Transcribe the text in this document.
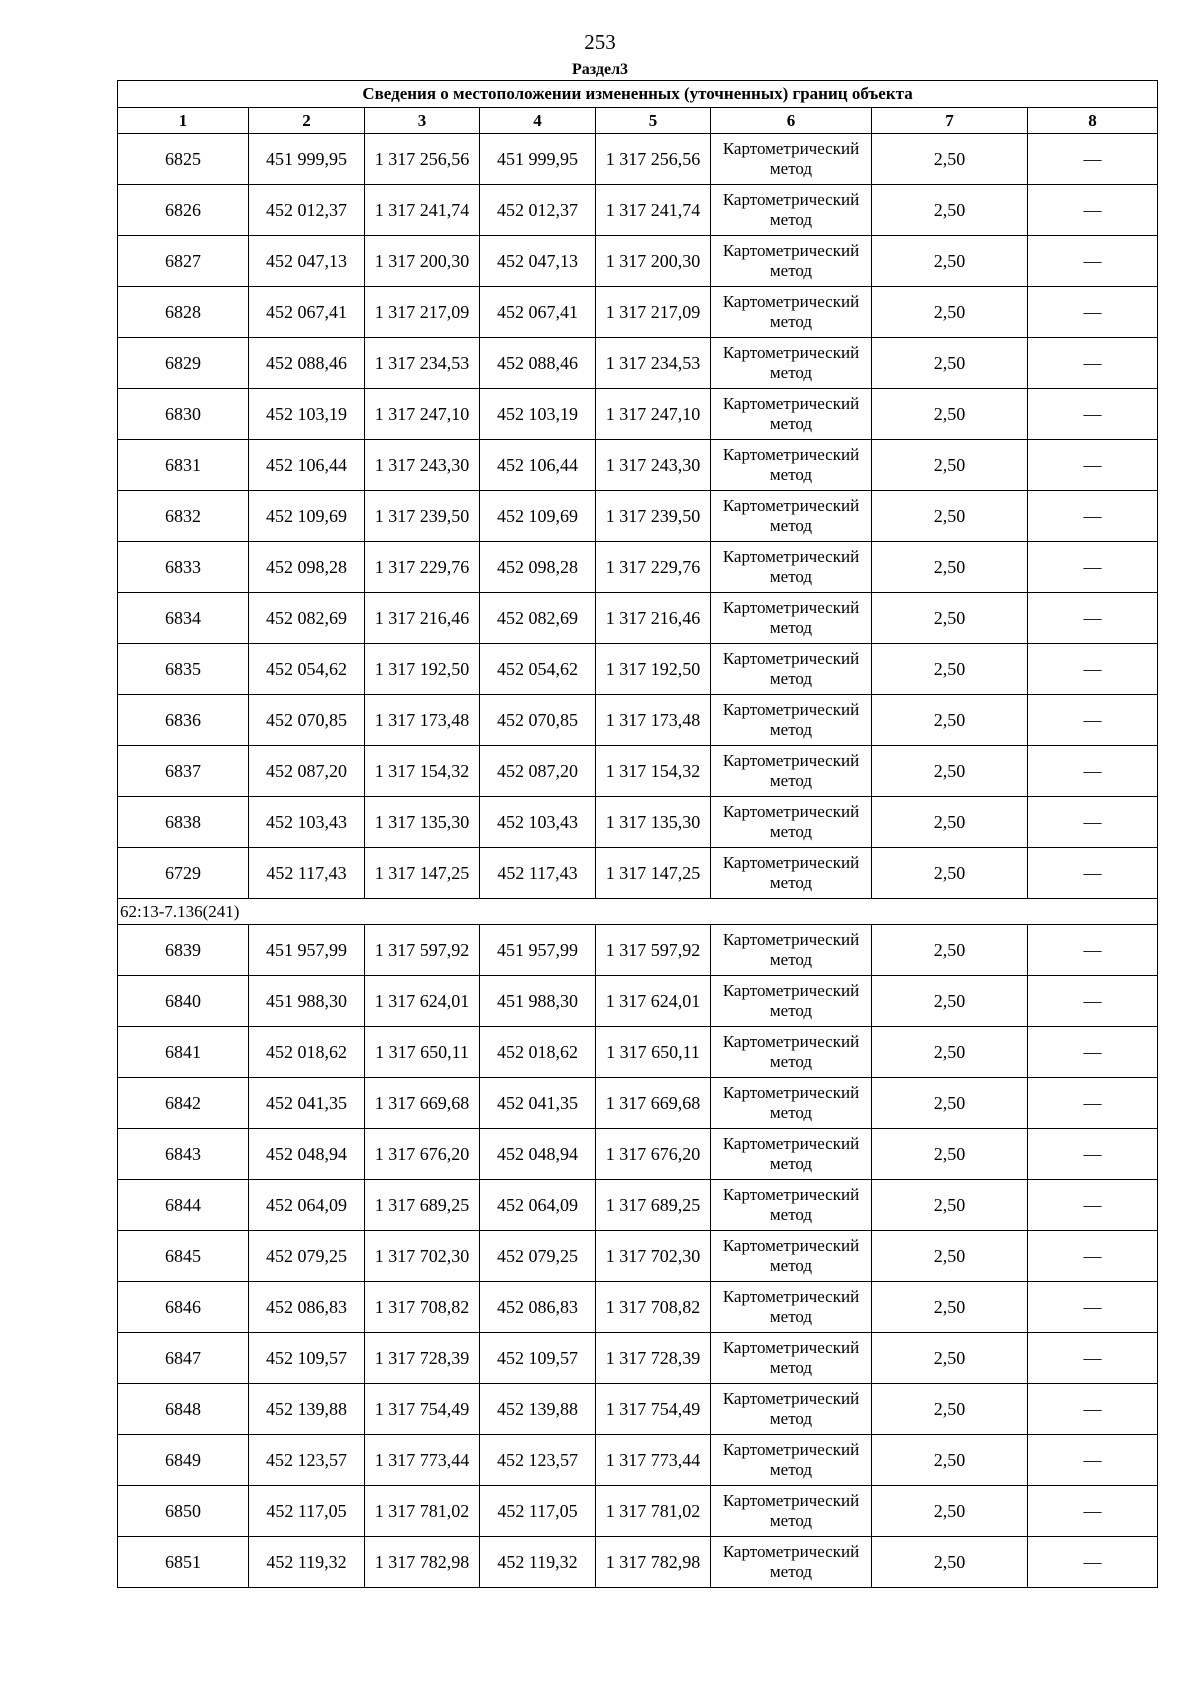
253
Раздел3
Сведения о местоположении измененных (уточненных) границ объекта							
1	2	3	4	5	6	7	8
6825	451 999,95	1 317 256,56	451 999,95	1 317 256,56	Картометрический метод	2,50	—
6826	452 012,37	1 317 241,74	452 012,37	1 317 241,74	Картометрический метод	2,50	—
6827	452 047,13	1 317 200,30	452 047,13	1 317 200,30	Картометрический метод	2,50	—
6828	452 067,41	1 317 217,09	452 067,41	1 317 217,09	Картометрический метод	2,50	—
6829	452 088,46	1 317 234,53	452 088,46	1 317 234,53	Картометрический метод	2,50	—
6830	452 103,19	1 317 247,10	452 103,19	1 317 247,10	Картометрический метод	2,50	—
6831	452 106,44	1 317 243,30	452 106,44	1 317 243,30	Картометрический метод	2,50	—
6832	452 109,69	1 317 239,50	452 109,69	1 317 239,50	Картометрический метод	2,50	—
6833	452 098,28	1 317 229,76	452 098,28	1 317 229,76	Картометрический метод	2,50	—
6834	452 082,69	1 317 216,46	452 082,69	1 317 216,46	Картометрический метод	2,50	—
6835	452 054,62	1 317 192,50	452 054,62	1 317 192,50	Картометрический метод	2,50	—
6836	452 070,85	1 317 173,48	452 070,85	1 317 173,48	Картометрический метод	2,50	—
6837	452 087,20	1 317 154,32	452 087,20	1 317 154,32	Картометрический метод	2,50	—
6838	452 103,43	1 317 135,30	452 103,43	1 317 135,30	Картометрический метод	2,50	—
6729	452 117,43	1 317 147,25	452 117,43	1 317 147,25	Картометрический метод	2,50	—
62:13-7.136(241)							
6839	451 957,99	1 317 597,92	451 957,99	1 317 597,92	Картометрический метод	2,50	—
6840	451 988,30	1 317 624,01	451 988,30	1 317 624,01	Картометрический метод	2,50	—
6841	452 018,62	1 317 650,11	452 018,62	1 317 650,11	Картометрический метод	2,50	—
6842	452 041,35	1 317 669,68	452 041,35	1 317 669,68	Картометрический метод	2,50	—
6843	452 048,94	1 317 676,20	452 048,94	1 317 676,20	Картометрический метод	2,50	—
6844	452 064,09	1 317 689,25	452 064,09	1 317 689,25	Картометрический метод	2,50	—
6845	452 079,25	1 317 702,30	452 079,25	1 317 702,30	Картометрический метод	2,50	—
6846	452 086,83	1 317 708,82	452 086,83	1 317 708,82	Картометрический метод	2,50	—
6847	452 109,57	1 317 728,39	452 109,57	1 317 728,39	Картометрический метод	2,50	—
6848	452 139,88	1 317 754,49	452 139,88	1 317 754,49	Картометрический метод	2,50	—
6849	452 123,57	1 317 773,44	452 123,57	1 317 773,44	Картометрический метод	2,50	—
6850	452 117,05	1 317 781,02	452 117,05	1 317 781,02	Картометрический метод	2,50	—
6851	452 119,32	1 317 782,98	452 119,32	1 317 782,98	Картометрический метод	2,50	—
